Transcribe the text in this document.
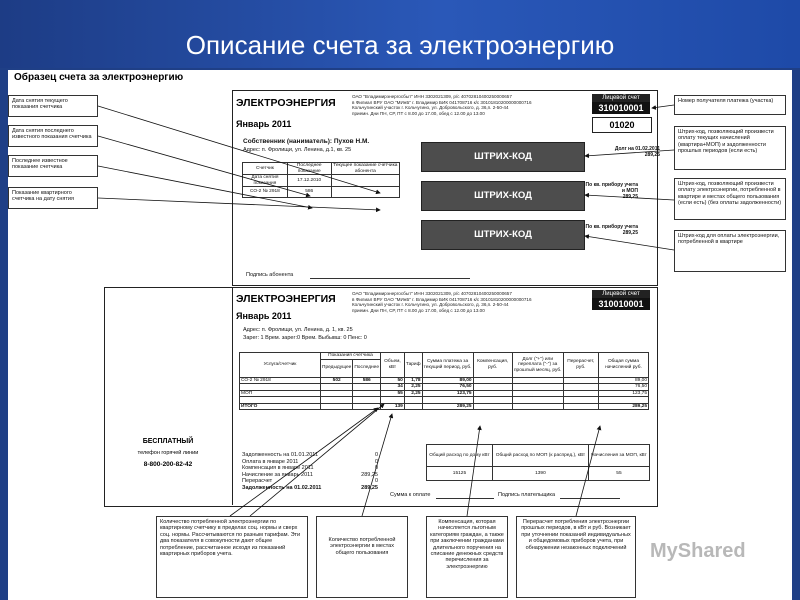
Описание счета за электроэнергию
Образец счета за электроэнергию
Дата снятия текущего показания счетчика
Дата снятия последнего известного показания счетчика
Последнее известное показание счетчика
Показание квартирного счетчика на дату снятия
Номер получателя платежа (участка)
Штрих-код, позволяющий произвести оплату текущих начислений (квартира+МОП) и задолженности прошлых периодов (если есть)
Штрих-код, позволяющий произвести оплату электроэнергии, потребленной в квартире и местах общего пользования (если есть) (без оплаты задолженности)
Штрих-код для оплаты электроэнергии, потребленной в квартире
ЭЛЕКТРОЭНЕРГИЯ
Январь 2011
ОАО "Владимирэнергосбыт" ИНН 3302021309, р/с 40702810400250000657
в Филиал ВРУ ОАО "МИнБ" г. Владимир БИК 041708716 к/с 30101810200000000716
Кольчугинский участок г. Кольчугино, ул. Добровольского, д. 36,п. 2-50-44
приемн. Дни ПН, СР, ПТ с 8.00 до 17.00, обед с 12.00 до 13.00
Лицевой счет
310010001
01020
Собственник (наниматель): Пухов Н.М.
Адрес: п. Фролищи, ул. Ленина, д.1, кв. 25
Счетчик	Последнее показание	Текущее показание счетчика абонента
Дата снятия показания	17.12.2010	
СО-2 № 2918	586	
Долг на 01.02.2011
289,25
ШТРИХ-КОД
ШТРИХ-КОД
По кв. прибору учета и МОП
289,25
ШТРИХ-КОД
По кв. прибору учета
289,25
Подпись абонента
ЭЛЕКТРОЭНЕРГИЯ
Январь 2011
ОАО "Владимирэнергосбыт" ИНН 3302021309, р/с 40702810400250000657
в Филиал ВРУ ОАО "МИнБ" г. Владимир БИК 041708716 к/с 30101810200000000716
Кольчугинский участок г. Кольчугино, ул. Добровольского, д. 36,п. 2-50-44
приемн. Дни ПН, СР, ПТ с 8.00 до 17.00, обед с 12.00 до 13.00
Лицевой счет
310010001
Адрес: п. Фролищи, ул. Ленина, д. 1, кв. 25
Зарег: 1 Врем. зарег:0 Врем. Выбывш: 0 Пенс: 0
Услуга/счетчик	Показания счетчика		Объем, кВт	Тариф	Сумма платежа за текущий период, руб.	Компенсация, руб.	Долг ("+") или переплата ("-") за прошлый месяц, руб.	Перерасчет, руб.	Общая сумма начислений руб.
	Предыдущее	Последнее							
СО-2 № 2918	502	586	50	1,78	89,00				89,00
			34	2,25	76,50				76,50
МОП			55	2,25	123,75				123,75

ИТОГО			139		289,25				289,25
БЕСПЛАТНЫЙ
телефон горячей линии
8-800-200-82-42
Задолженность на 01.01.2011	0
Оплата в январе 2011	0
Компенсация в январе 2011	0
Начисление за январь 2011	289,25
Перерасчет	0
Задолженность на 01.02.2011	289,25
Общий расход по дому кВт	Общий расход по МОП (к распред.), кВт	Начисления за МОП, кВт
15125	1390	55
Сумма к оплате	Подпись плательщика
Количество потребленной электроэнергии по квартирному счетчику в пределах соц. нормы и сверх соц. нормы. Рассчитываются по разным тарифам. Эти два показателя в совокупности дают общее потребление, рассчитанное исходя из показаний квартирных приборов учета.
Количество потребленной электроэнергии в местах общего пользования
Компенсация, которая начисляется льготным категориям граждан, а также при заключении гражданами длительного поручения на списание денежных средств перечисления за электроэнергию
Перерасчет потребления электроэнергии прошлых периодов, в кВт и руб. Возникает при уточнении показаний индивидуальных и общедомовых приборов учета, при обнаружении незаконных подключений	MyShared
